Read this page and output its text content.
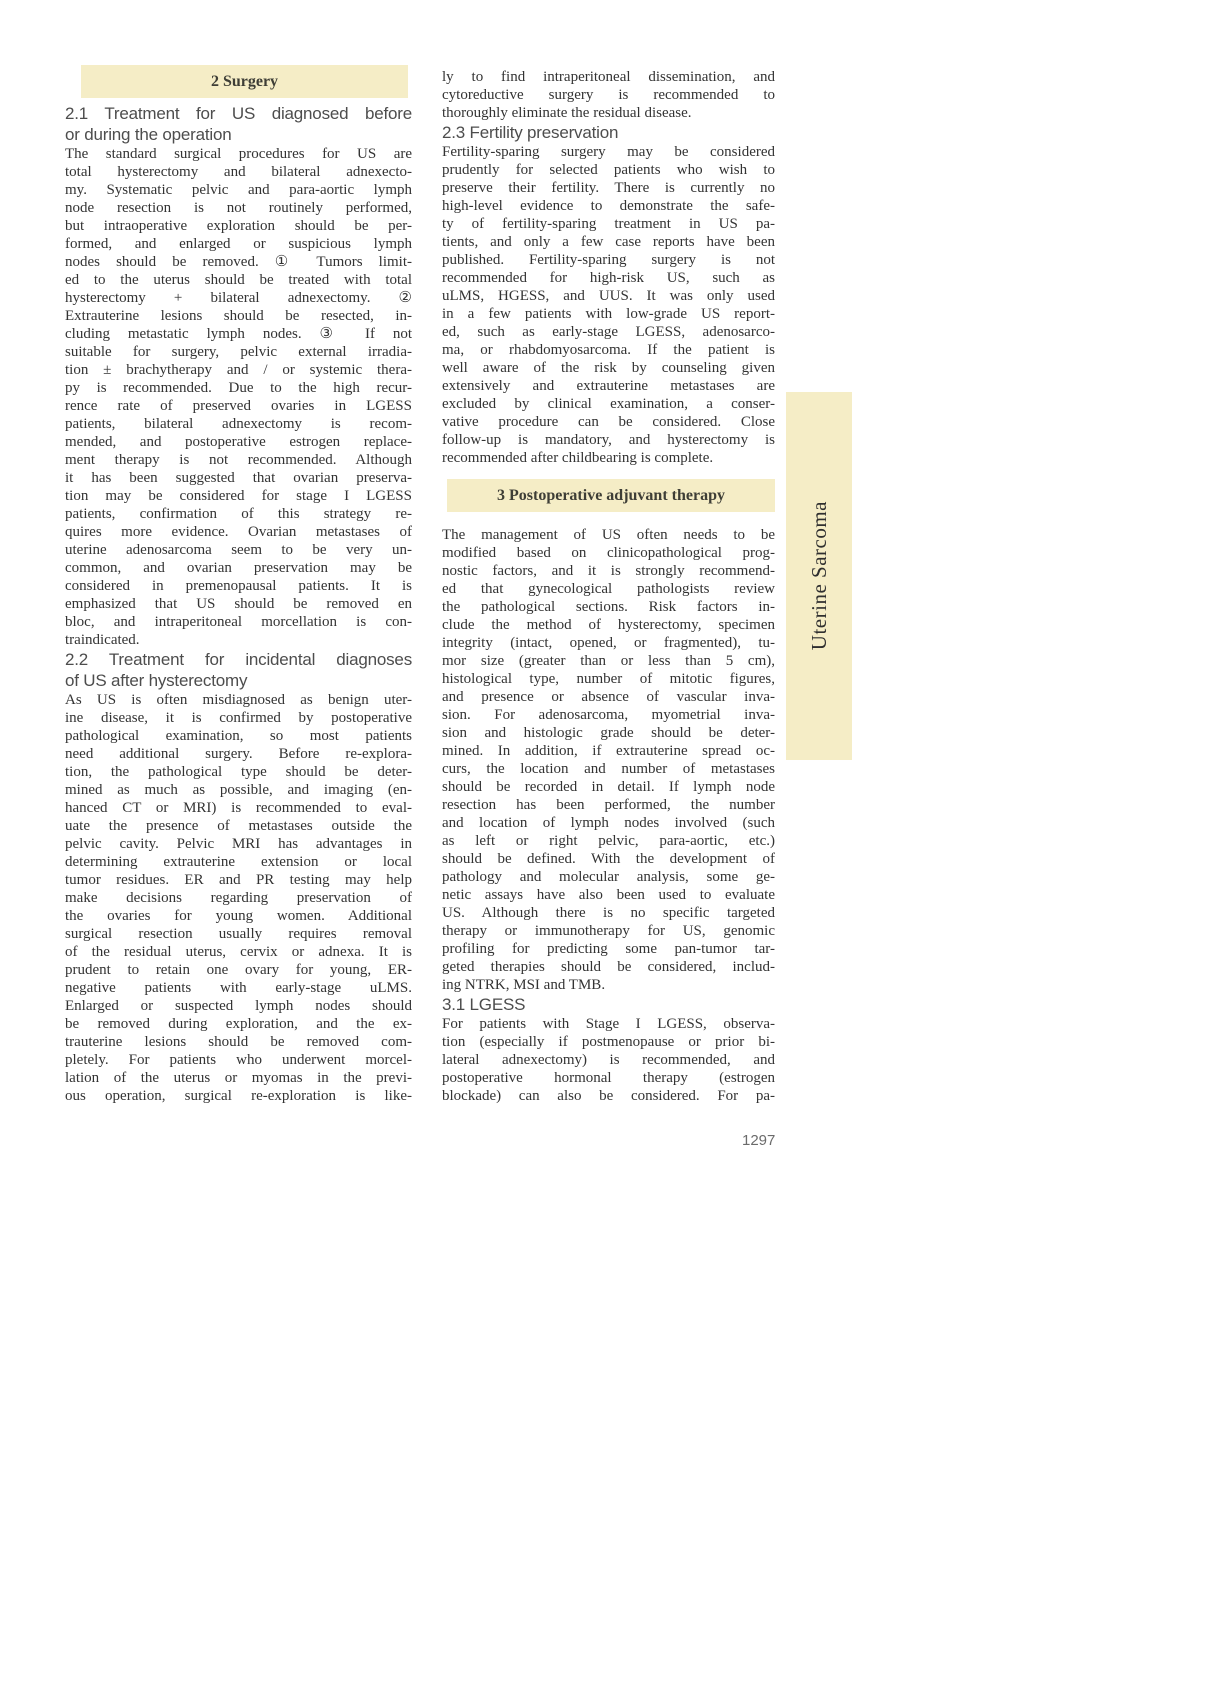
2 Surgery
2.1 Treatment for US diagnosed before
or during the operation
The standard surgical procedures for US are
total hysterectomy and bilateral adnexecto-
my. Systematic pelvic and para-aortic lymph
node resection is not routinely performed,
but intraoperative exploration should be per-
formed, and enlarged or suspicious lymph
nodes should be removed. ① Tumors limit-
ed to the uterus should be treated with total
hysterectomy + bilateral adnexectomy. ②
Extrauterine lesions should be resected, in-
cluding metastatic lymph nodes. ③ If not
suitable for surgery, pelvic external irradia-
tion ± brachytherapy and / or systemic thera-
py is recommended. Due to the high recur-
rence rate of preserved ovaries in LGESS
patients, bilateral adnexectomy is recom-
mended, and postoperative estrogen replace-
ment therapy is not recommended. Although
it has been suggested that ovarian preserva-
tion may be considered for stage I LGESS
patients, confirmation of this strategy re-
quires more evidence. Ovarian metastases of
uterine adenosarcoma seem to be very un-
common, and ovarian preservation may be
considered in premenopausal patients. It is
emphasized that US should be removed en
bloc, and intraperitoneal morcellation is con-
traindicated.
2.2 Treatment for incidental diagnoses
of US after hysterectomy
As US is often misdiagnosed as benign uter-
ine disease, it is confirmed by postoperative
pathological examination, so most patients
need additional surgery. Before re-explora-
tion, the pathological type should be deter-
mined as much as possible, and imaging (en-
hanced CT or MRI) is recommended to eval-
uate the presence of metastases outside the
pelvic cavity. Pelvic MRI has advantages in
determining extrauterine extension or local
tumor residues. ER and PR testing may help
make decisions regarding preservation of
the ovaries for young women. Additional
surgical resection usually requires removal
of the residual uterus, cervix or adnexa. It is
prudent to retain one ovary for young, ER-
negative patients with early-stage uLMS.
Enlarged or suspected lymph nodes should
be removed during exploration, and the ex-
trauterine lesions should be removed com-
pletely. For patients who underwent morcel-
lation of the uterus or myomas in the previ-
ous operation, surgical re-exploration is like-
ly to find intraperitoneal dissemination, and
cytoreductive surgery is recommended to
thoroughly eliminate the residual disease.
2.3 Fertility preservation
Fertility-sparing surgery may be considered
prudently for selected patients who wish to
preserve their fertility. There is currently no
high-level evidence to demonstrate the safe-
ty of fertility-sparing treatment in US pa-
tients, and only a few case reports have been
published. Fertility-sparing surgery is not
recommended for high-risk US, such as
uLMS, HGESS, and UUS. It was only used
in a few patients with low-grade US report-
ed, such as early-stage LGESS, adenosarco-
ma, or rhabdomyosarcoma. If the patient is
well aware of the risk by counseling given
extensively and extrauterine metastases are
excluded by clinical examination, a conser-
vative procedure can be considered. Close
follow-up is mandatory, and hysterectomy is
recommended after childbearing is complete.
3 Postoperative adjuvant therapy
The management of US often needs to be
modified based on clinicopathological prog-
nostic factors, and it is strongly recommend-
ed that gynecological pathologists review
the pathological sections. Risk factors in-
clude the method of hysterectomy, specimen
integrity (intact, opened, or fragmented), tu-
mor size (greater than or less than 5 cm),
histological type, number of mitotic figures,
and presence or absence of vascular inva-
sion. For adenosarcoma, myometrial inva-
sion and histologic grade should be deter-
mined. In addition, if extrauterine spread oc-
curs, the location and number of metastases
should be recorded in detail. If lymph node
resection has been performed, the number
and location of lymph nodes involved (such
as left or right pelvic, para-aortic, etc.)
should be defined. With the development of
pathology and molecular analysis, some ge-
netic assays have also been used to evaluate
US. Although there is no specific targeted
therapy or immunotherapy for US, genomic
profiling for predicting some pan-tumor tar-
geted therapies should be considered, includ-
ing NTRK, MSI and TMB.
3.1 LGESS
For patients with Stage I LGESS, observa-
tion (especially if postmenopause or prior bi-
lateral adnexectomy) is recommended, and
postoperative hormonal therapy (estrogen
blockade) can also be considered. For pa-
Uterine Sarcoma
1297
